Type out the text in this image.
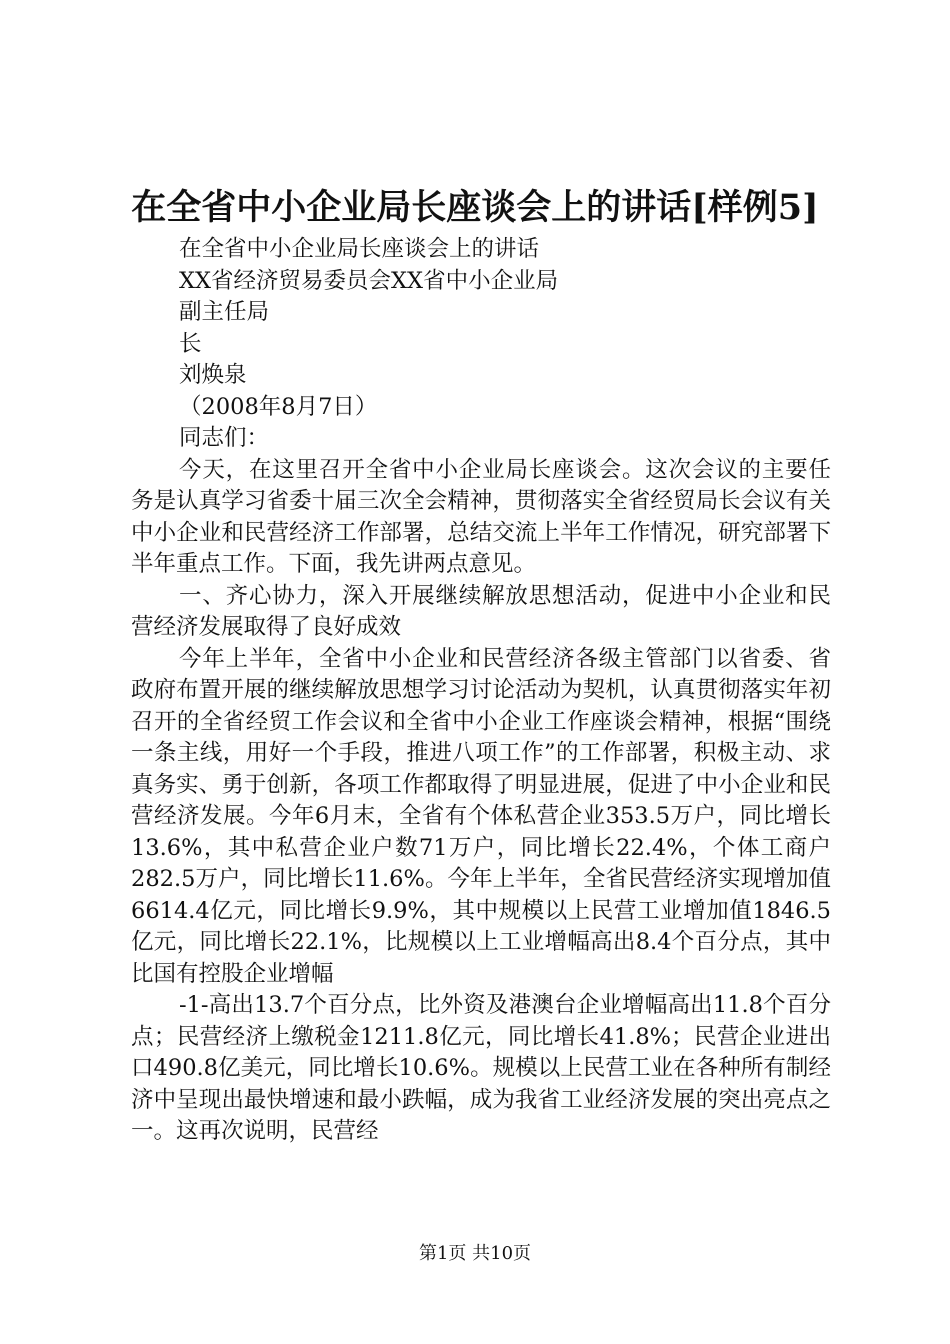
在全省中小企业局长座谈会上的讲话[样例5]
在全省中小企业局长座谈会上的讲话
XX省经济贸易委员会XX省中小企业局
副主任局
长
刘焕泉
（2008年8月7日）
同志们：

今天，在这里召开全省中小企业局长座谈会。这次会议的主要任务是认真学习省委十届三次全会精神，贯彻落实全省经贸局长会议有关中小企业和民营经济工作部署，总结交流上半年工作情况，研究部署下半年重点工作。下面，我先讲两点意见。

一、齐心协力，深入开展继续解放思想活动，促进中小企业和民营经济发展取得了良好成效

今年上半年，全省中小企业和民营经济各级主管部门以省委、省政府布置开展的继续解放思想学习讨论活动为契机，认真贯彻落实年初召开的全省经贸工作会议和全省中小企业工作座谈会精神，根据“围绕一条主线，用好一个手段，推进八项工作”的工作部署，积极主动、求真务实、勇于创新，各项工作都取得了明显进展，促进了中小企业和民营经济发展。今年6月末，全省有个体私营企业353.5万户，同比增长13.6%，其中私营企业户数71万户，同比增长22.4%，个体工商户282.5万户，同比增长11.6%。今年上半年，全省民营经济实现增加值6614.4亿元，同比增长9.9%，其中规模以上民营工业增加值1846.5亿元，同比增长22.1%，比规模以上工业增幅高出8.4个百分点，其中比国有控股企业增幅

-1-高出13.7个百分点，比外资及港澳台企业增幅高出11.8个百分点；民营经济上缴税金1211.8亿元，同比增长41.8%；民营企业进出口490.8亿美元，同比增长10.6%。规模以上民营工业在各种所有制经济中呈现出最快增速和最小跌幅，成为我省工业经济发展的突出亮点之一。这再次说明，民营经

第1页 共10页
